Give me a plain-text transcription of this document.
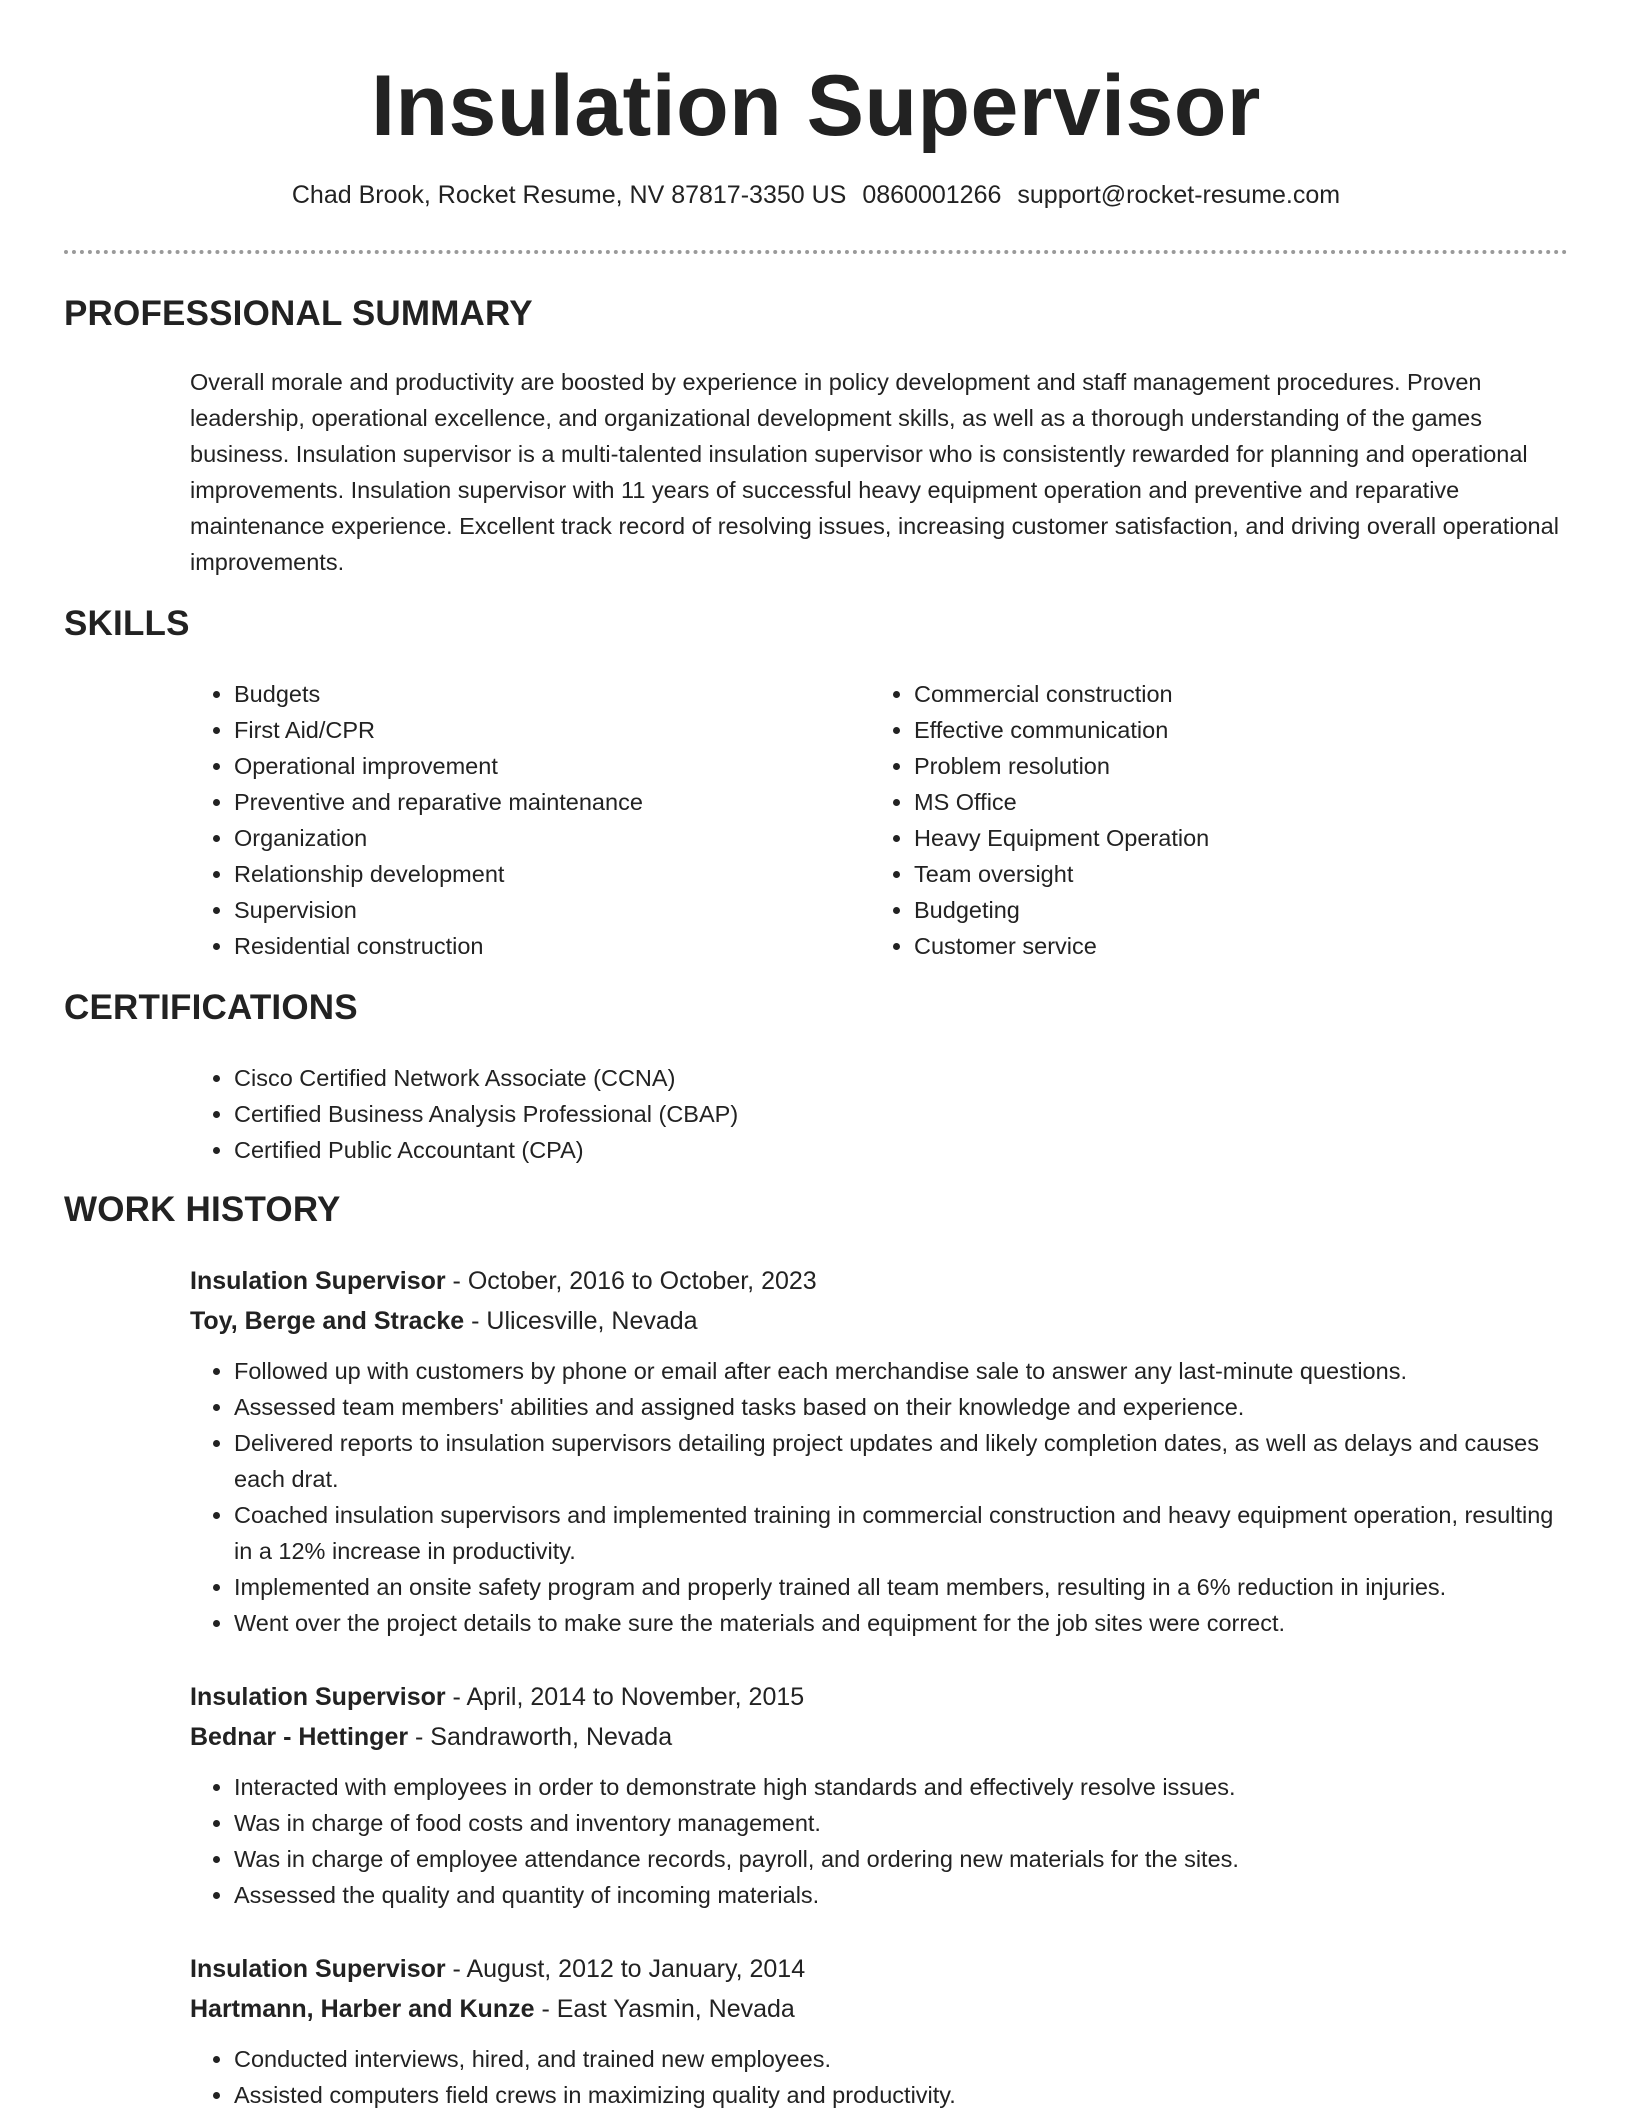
Insulation Supervisor
Chad Brook, Rocket Resume, NV 87817-3350 US 0860001266 support@rocket-resume.com
PROFESSIONAL SUMMARY

Overall morale and productivity are boosted by experience in policy development and staff management procedures. Proven leadership, operational excellence, and organizational development skills, as well as a thorough understanding of the games business. Insulation supervisor is a multi-talented insulation supervisor who is consistently rewarded for planning and operational improvements. Insulation supervisor with 11 years of successful heavy equipment operation and preventive and reparative maintenance experience. Excellent track record of resolving issues, increasing customer satisfaction, and driving overall operational improvements.

SKILLS
• Budgets
• First Aid/CPR
• Operational improvement
• Preventive and reparative maintenance
• Organization
• Relationship development
• Supervision
• Residential construction
• Commercial construction
• Effective communication
• Problem resolution
• MS Office
• Heavy Equipment Operation
• Team oversight
• Budgeting
• Customer service
CERTIFICATIONS
• Cisco Certified Network Associate (CCNA)
• Certified Business Analysis Professional (CBAP)
• Certified Public Accountant (CPA)
WORK HISTORY

Insulation Supervisor - October, 2016 to October, 2023

Toy, Berge and Stracke - Ulicesville, Nevada

• Followed up with customers by phone or email after each merchandise sale to answer any last-minute questions.
• Assessed team members' abilities and assigned tasks based on their knowledge and experience.
• Delivered reports to insulation supervisors detailing project updates and likely completion dates, as well as delays and causes each drat.
• Coached insulation supervisors and implemented training in commercial construction and heavy equipment operation, resulting in a 12% increase in productivity.
• Implemented an onsite safety program and properly trained all team members, resulting in a 6% reduction in injuries.
• Went over the project details to make sure the materials and equipment for the job sites were correct.

Insulation Supervisor - April, 2014 to November, 2015

Bednar - Hettinger - Sandraworth, Nevada

• Interacted with employees in order to demonstrate high standards and effectively resolve issues.
• Was in charge of food costs and inventory management.
• Was in charge of employee attendance records, payroll, and ordering new materials for the sites.
• Assessed the quality and quantity of incoming materials.

Insulation Supervisor - August, 2012 to January, 2014

Hartmann, Harber and Kunze - East Yasmin, Nevada

• Conducted interviews, hired, and trained new employees.
• Assisted computers field crews in maximizing quality and productivity.
